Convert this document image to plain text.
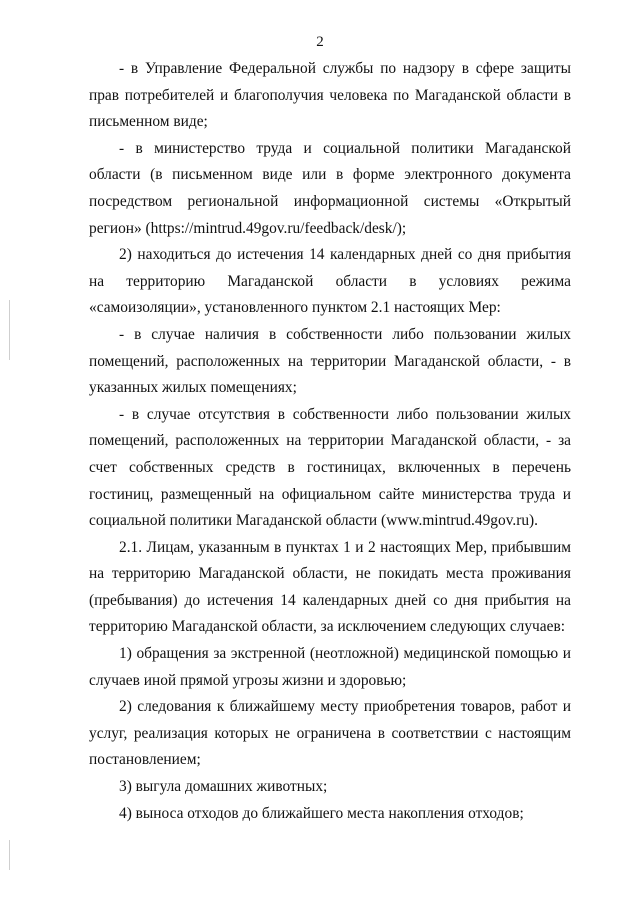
2

- в Управление Федеральной службы по надзору в сфере защиты прав потребителей и благополучия человека по Магаданской области в письменном виде;

- в министерство труда и социальной политики Магаданской области (в письменном виде или в форме электронного документа посредством региональной информационной системы «Открытый регион» (https://mintrud.49gov.ru/feedback/desk/);

2) находиться до истечения 14 календарных дней со дня прибытия на территорию Магаданской области в условиях режима «самоизоляции», установленного пунктом 2.1 настоящих Мер:

- в случае наличия в собственности либо пользовании жилых помещений, расположенных на территории Магаданской области, - в указанных жилых помещениях;

- в случае отсутствия в собственности либо пользовании жилых помещений, расположенных на территории Магаданской области, - за счет собственных средств в гостиницах, включенных в перечень гостиниц, размещенный на официальном сайте министерства труда и социальной политики Магаданской области (www.mintrud.49gov.ru).

2.1. Лицам, указанным в пунктах 1 и 2 настоящих Мер, прибывшим на территорию Магаданской области, не покидать места проживания (пребывания) до истечения 14 календарных дней со дня прибытия на территорию Магаданской области, за исключением следующих случаев:

1) обращения за экстренной (неотложной) медицинской помощью и случаев иной прямой угрозы жизни и здоровью;

2) следования к ближайшему месту приобретения товаров, работ и услуг, реализация которых не ограничена в соответствии с настоящим постановлением;

3) выгула домашних животных;

4) выноса отходов до ближайшего места накопления отходов;
